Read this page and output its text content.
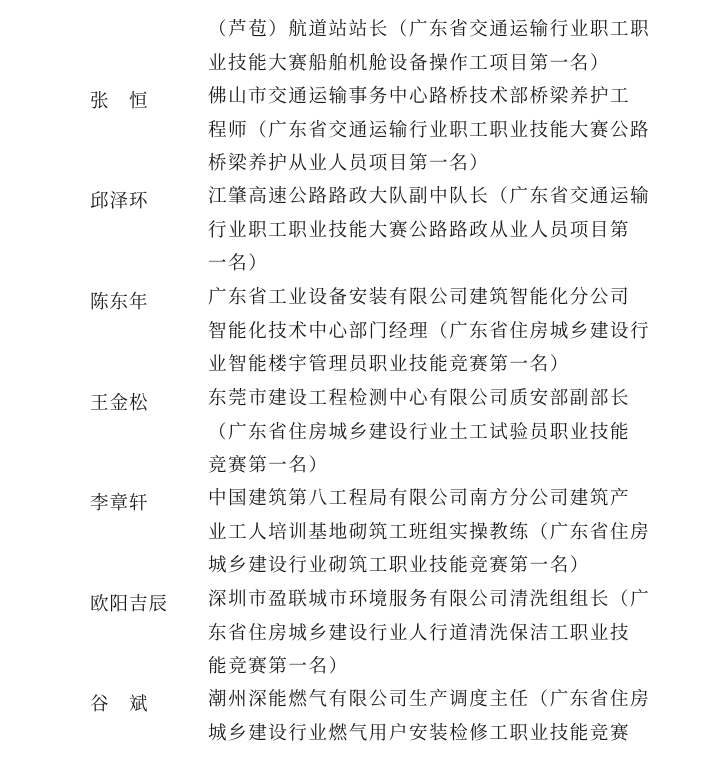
（芦苞）航道站站长（广东省交通运输行业职工职
业技能大赛船舶机舱设备操作工项目第一名）
张　恒	佛山市交通运输事务中心路桥技术部桥梁养护工
程师（广东省交通运输行业职工职业技能大赛公路
桥梁养护从业人员项目第一名）
邱泽环	江肇高速公路路政大队副中队长（广东省交通运输
行业职工职业技能大赛公路路政从业人员项目第
一名）
陈东年	广东省工业设备安装有限公司建筑智能化分公司
智能化技术中心部门经理（广东省住房城乡建设行
业智能楼宇管理员职业技能竞赛第一名）
王金松	东莞市建设工程检测中心有限公司质安部副部长
（广东省住房城乡建设行业土工试验员职业技能
竞赛第一名）
李章轩	中国建筑第八工程局有限公司南方分公司建筑产
业工人培训基地砌筑工班组实操教练（广东省住房
城乡建设行业砌筑工职业技能竞赛第一名）
欧阳吉辰	深圳市盈联城市环境服务有限公司清洗组组长（广
东省住房城乡建设行业人行道清洗保洁工职业技
能竞赛第一名）
谷　斌	潮州深能燃气有限公司生产调度主任（广东省住房
城乡建设行业燃气用户安装检修工职业技能竞赛
